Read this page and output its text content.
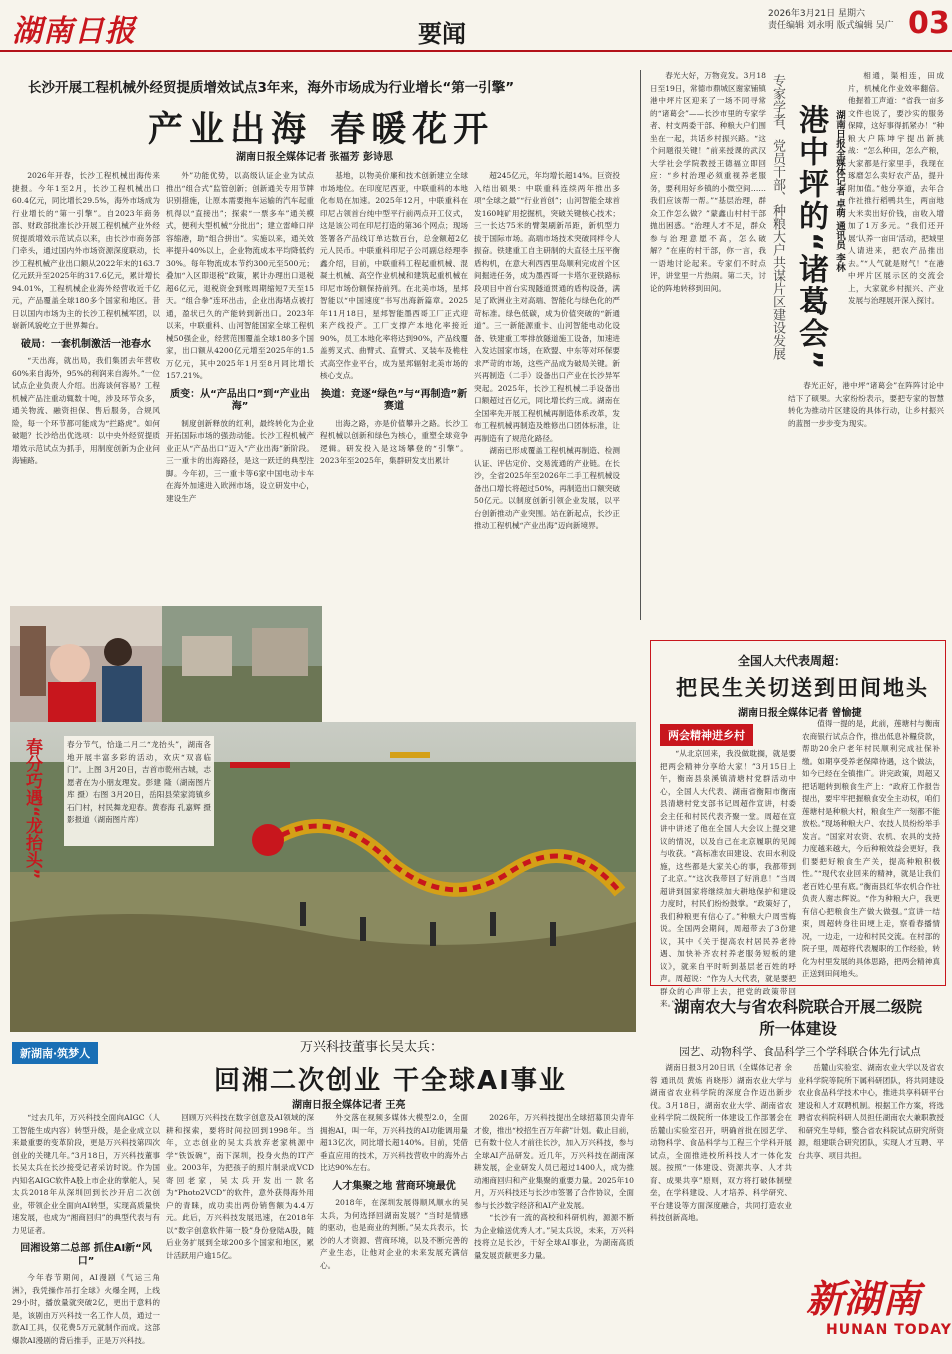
湖南日报	要闻
2026年3月21日 星期六
责任编辑 刘永明 版式编辑 吴广 03
长沙开展工程机械外经贸提质增效试点3年来，海外市场成为行业增长“第一引擎”
产业出海 春暖花开
湖南日报全媒体记者 张福芳 彭诗思

2026年开春，长沙工程机械出海传来捷报。今年1至2月，长沙工程机械出口60.4亿元，同比增长29.5%，海外市场成为行业增长的“第一引擎”。自2023年商务部、财政部批准长沙开展工程机械产业外经贸提质增效示范试点以来，由长沙市商务部门牵头，通过国内外市场资源深度联动，长沙工程机械产业出口额从2022年末的163.7亿元跃升至2025年的317.6亿元，累计增长94.01%，工程机械企业海外经营收近千亿元，产品覆盖全球180多个国家和地区。昔日以国内市场为主的长沙工程机械军团，以崭新风貌屹立于世界舞台。

破局：一套机制激活一池春水

“天出海，就出局，我们集团去年营收60%来自海外，95%的利润来自海外。”一位试点企业负责人介绍。出海谈何容易？工程机械产品注重动辄数十吨，涉及环节众多，通关物流、融资担保、售后服务，合规风险，每一个环节都可能成为“拦路虎”。如何破题？长沙给出优选项：以中央外经贸提质增效示范试点为抓手，用制度创新为企业问海铺路。

外”功能优势，以高级认证企业为试点推出“组合式”监管创新；创新通关专用节牌识别措施，让原本需要拖车运输的汽车起重机得以“直接出”；探索“一票多车”通关模式，便利大型机械“分批出”；建立雷峰口岸容缩港，助“组合拼出”。实施以来，通关效率提升40%以上，企业物流成本平均降低约30%。每年物流成本节约300元至500元；叠加“入区即退税”政策，累计办理出口退税超6亿元，退税资金到账周期缩短7天至15天。“组合拳”连环出击，企业出海堵点被打通，盈状已久的产能转到新出口。2023年以来，中联重科、山河智能国家全球工程机械50强企业，经营范围覆盖全球180多个国家，出口额从4200亿元增至2025年的1.5万亿元，其中2025年1月至8月同比增长157.21%。

质变：从“产品出口”到“产业出海”

制度创新释放的红利，最终转化为企业开拓国际市场的强劲动能。长沙工程机械产业正从“产品出口”迈入“产业出海”新阶段。三一重卡的出海路径，是这一跃迁的典型注脚。今年初，三一重卡等6家中国电动卡车在海外加速进入欧洲市场，设立研发中心，建设生产

基地，以物美价廉和技术创新建立全球市场地位。在印度尼西亚，中联重科的本地化布局在加速。2025年12月，中联重科在印尼占领首台纯中型平行前两点开工仪式，这是该公司在印尼打造的第36个网点；现场签署各产品线订单达数百台，总金额超2亿元人民币。中联重科印尼子公司副总经理李鑫介绍，目前，中联重科工程起重机械、混凝土机械、高空作业机械和建筑起重机械在印尼市场份额保持前列。在北美市场，星邦智能以“中国速度”书写出海新篇章。2025年11月18日，星邦智能墨西哥工厂正式迎来产线投产。工厂支撑产本地化率接近90%，员工本地化率将达到90%，产品线覆盖剪叉式、曲臂式、直臂式、叉装车及桅柱式高空作业平台，成为星邦辐射北美市场的核心支点。

换道：竞逐“绿色”与“再制造”新赛道

出海之路，亦是价值攀升之路。长沙工程机械以创新和绿色为核心，重塑全球竞争逻辑。研发投入是这场攀登的“引擎”。2023年至2025年，集群研发支出累计

超245亿元，年均增长超14%。巨资投入结出硕果：中联重科连续两年推出多项“全球之最”“行业首创”；山河智能全球首发160吨矿用挖掘机，突破关键核心技术；三一长达75米的臂架刷新吊距，新机型力拔于国际市场。高端市场技术突破同样令人振奋。铁建重工自主研制的大直径土压平衡盾构机，在意大利西西里岛顺利完成首个区间掘进任务，成为墨西哥一卡塔尔亚铁路标段项目中首台实现隧道贯通的盾构设备，满足了欧洲业主对高端、智能化与绿色化的严苛标准。绿色低碳，成为价值突破的“新通道”。三一新能源重卡、山河智能电动化设备、铁建重工零排放隧道施工设备，加速进入发达国家市场，在欧盟、中东等对环保要求严苛的市场，这些产品成为破局关键。新兴再制造（二手）设备出口产业在长沙异军突起。2025年，长沙工程机械二手设备出口额超过百亿元，同比增长约三成。湖南在全国率先开展工程机械再制造体系改革，发布工程机械再制造及维修出口团体标准，让再制造有了规范化路径。

湖南已形成覆盖工程机械再制造、检测认证、评估定价、交易流通的产业链。在长沙，全省2025年至2026年二手工程机械设备出口增长将超过50%，再制造出口额突破50亿元。以制度创新引领企业发展，以平台创新推动产业突围。站在新起点，长沙正推动工程机械“产业出海”迈向新境界。

春光大好，万物竞发。3月18日至19日，常德市鼎城区谢家铺镇港中坪片区迎来了一场不同寻常的“诸葛会”——长沙市里的专家学者、村支两委干部、种粮大户们围坐在一起，共话乡村振兴路。“这个问题很关键！”前来授课的武汉大学社会学院教授王德福立即回应：“乡村治理必须重视养老服务，要利用好乡镇的小微空间……我们应该帮一帮。”“基层治理，群众工作怎么做？”蒙鑫山村村干部抛出困惑。“治理人才不足，群众参与治理意愿不高，怎么破解？”在座的村干部，你一言，我一语地讨论起来。专家们不时点评，讲堂里一片热闹。第二天，讨论的阵地转移到田间。	专家学者、党员干部、种粮大户共谋片区建设发展 港中坪的“诸葛会” 湖南日报全媒体记者 卓萌 通讯员 李林

相通，渠相连，田成片，机械化作业效率翻倍。他握着工声道：“省我一亩多文件也说了，要沙实的服务保障，这好事得抓紧办！”种粮大户陈坤宇提出新挑战：“怎么种田，怎么产粮，大家都是行家里手，我现在琢磨怎么卖好农产品，提升附加值。”他分享道，去年合作社推行稻鸭共生，两亩地大米卖出好价钱，亩收入增加了1万多元。“我们还开展‘认养一亩田’活动，把城里人请进来，把农产品推出去。”“人气就是财气！”在港中坪片区展示区的交流会上，大家就乡村振兴、产业发展与治理展开深入探讨。

春光正好，港中坪“诸葛会”在阵阵讨论中结下了硕果。大家纷纷表示，要把专家的智慧转化为推动片区建设的具体行动，让乡村振兴的蓝图一步步变为现实。

全国人大代表周超：
把民生关切送到田间地头
湖南日报全媒体记者 曾愉捷
两会精神进乡村

“从北京回来，我没做耽搁，就是要把两会精神分享给大家！”3月15日上午，衡南县泉溪镇清塘村党群活动中心，全国人大代表、湖南省衡阳市衡南县清塘村党支部书记周超作宣讲，村委会主任和村民代表齐聚一堂。周超在宣讲中讲述了他在全国人大会议上提交建议的情况，以及自己在北京履职的见闻与收获。“高标准农田建设、农田水利设施，这些都是大家关心的事，我都带到了北京。”“这次我带回了好消息！”当周超讲到国家将继续加大耕地保护和建设力度时，村民们纷纷鼓掌。“政策好了，我们种粮更有信心了。”种粮大户周雪梅说。全国两会期间，周超带去了3份建议，其中《关于提高农村居民养老待遇、加快补齐农村养老服务短板的建议》，就来自平时听到基层老百姓的呼声。周超说：“作为人大代表，就是要把群众的心声带上去，把党的政策带回来。”

值得一提的是，此前，莲塘村与衡南农商银行试点合作，推出低息补糧贷款，帮助20余户老年村民顺利完成社保补缴。如期享受养老保障待遇，这个做法，如今已经在全镇推广。讲完政策，周超又把话题转到粮食生产上：“政府工作报告提出，要牢牢把握粮食安全主动权，咱们莲塘村是种粮大村，粮食生产一刻都不能放松。”现场种粮大户、农技人员纷纷举手发言。“国家对农资、农机、农具的支持力度越来越大，今后种粮效益会更好，我们要把好粮食生产关，提高种粮积极性。”“现代农业回来的精神，就是让我们老百姓心里有底。”衡南县红华农机合作社负责人谢志辉说。“作为种粮大户，我更有信心把粮食生产做大做强。”宣讲一结束，周超转身往田埂上走，察看春播情况，一边走，一边和村民交流。在村部的院子里，周超将代表履职的工作经验，转化为村里发展的具体思路，把两会精神真正送到田间地头。

春分巧遇“龙抬头”	春分节气，恰逢二月二“龙抬头”，湖南各地开展丰富多彩的活动，欢庆“双喜临门”。上图 3月20日，吉首市乾州古城，志愿者在为小朋友理发。彭建 隆（湖南图片库 摄）右图 3月20日，岳阳县荣家湾镇乡石门村，村民舞龙迎春。黄春海 孔嘉辉 摄影报道（湖南图片库）

新湖南·筑梦人	万兴科技董事长吴太兵：
回湘二次创业 干全球AI事业
湖南日报全媒体记者 王亮

“过去几年，万兴科技全面向AIGC（人工智能生成内容）转型升级，是企业成立以来最重要的变革阶段，更是万兴科技第四次创业的关键几年。”3月18日，万兴科技董事长吴太兵在长沙接受记者采访时说。作为国内知名AIGC软件A股上市企业的掌舵人，吴太兵2018年从深圳回到长沙开启二次创业，带领企业全面向AI转型，实现高质量快速发展，也成为“湘商回归”的典型代表与有力见证者。

回湘设第二总部 抓住AI新“风口”

今年春节期间，AI漫剧《气运三角洲》，我凭操作吊打全球》火爆全网，上线29小时，播放量就突破2亿，更出于意料的是，该剧由万兴科技一名工作人员，通过一款AI工具，仅花费5万元就制作而成。这部爆款AI漫剧的背后推手，正是万兴科技。

回顾万兴科技在数字创意及AI领域的深耕和探索，要将时间拉回到1998年。当年，立志创业的吴太兵放弃老家桃源中学“铁饭碗”，南下深圳，投身火热的IT产业。2003年，为把孩子的照片制录成VCD寄回老家，吴太兵开发出一款名为“Photo2VCD”的软件，意外获得海外用户的青睐，成功卖出两份销售额为4.4万元。此后，万兴科技发展迅速，在2018年以“数字创意软件第一股”身份登陆A股，随后业务扩展到全球200多个国家和地区，累计活跃用户逾15亿。

外交落在视频多媒体大模型2.0，全面拥抱AI，叫一年，万兴科技的AI功能调用量超13亿次，同比增长超140%。目前，凭借垂直应用的技术，万兴科技营收中的海外占比达90%左右。

人才集聚之地 营商环境最优

2018年，在深圳发展得顺风顺水的吴太兵，为何选择回湖南发展？“当时是情感的驱动，也是商业的判断。”吴太兵表示，长沙的人才资源、营商环境，以及不断完善的产业生态，让他对企业的未来发展充满信心。

2026年，万兴科技提出全球招募顶尖青年才俊，推出“校招生百万年薪”计划。截止目前，已有数十位人才前往长沙，加入万兴科技，参与全球AI产品研发。近几年，万兴科技在湖南深耕发展，企业研发人员已超过1400人，成为推动湘商回归和产业集聚的重要力量。2025年10月，万兴科技还与长沙市签署了合作协议，全面参与长沙数字经济和AI产业发展。

“长沙有一流的高校和科研机构，源源不断为企业输送优秀人才。”吴太兵说，未来，万兴科技将立足长沙，干好全球AI事业，为湖南高质量发展贡献更多力量。

湖南农大与省农科院联合开展二级院所一体建设
园艺、动物科学、食品科学三个学科联合体先行试点

湖南日报3月20日讯（全媒体记者 余蓉 通讯员 黄炼 肖晓彤）湖南农业大学与湖南省农业科学院的深度合作迈出新步伐。3月18日，湖南农业大学、湖南省农业科学院二级院所一体建设工作部署会在岳麓山实验室召开，明确首批在园艺学、动物科学、食品科学与工程三个学科开展试点，全面推进校所科技人才一体化发展。按照“一体建设、资源共享、人才共育、成果共享”原则，双方将打破体制壁垒，在学科建设、人才培养、科学研究、平台建设等方面深度融合，共同打造农业科技创新高地。

岳麓山实验室、湖南农业大学以及省农业科学院等院所下属科研团队，将共同建设农业食品科学技术中心，推进共享科研平台建设和人才双聘机制。根据工作方案，将选聘省农科院科研人员担任湖南农大兼职教授和研究生导师，整合省农科院试点研究所资源，组建联合研究团队，实现人才互聘、平台共享、项目共担。

新湖南
HUNAN TODAY
